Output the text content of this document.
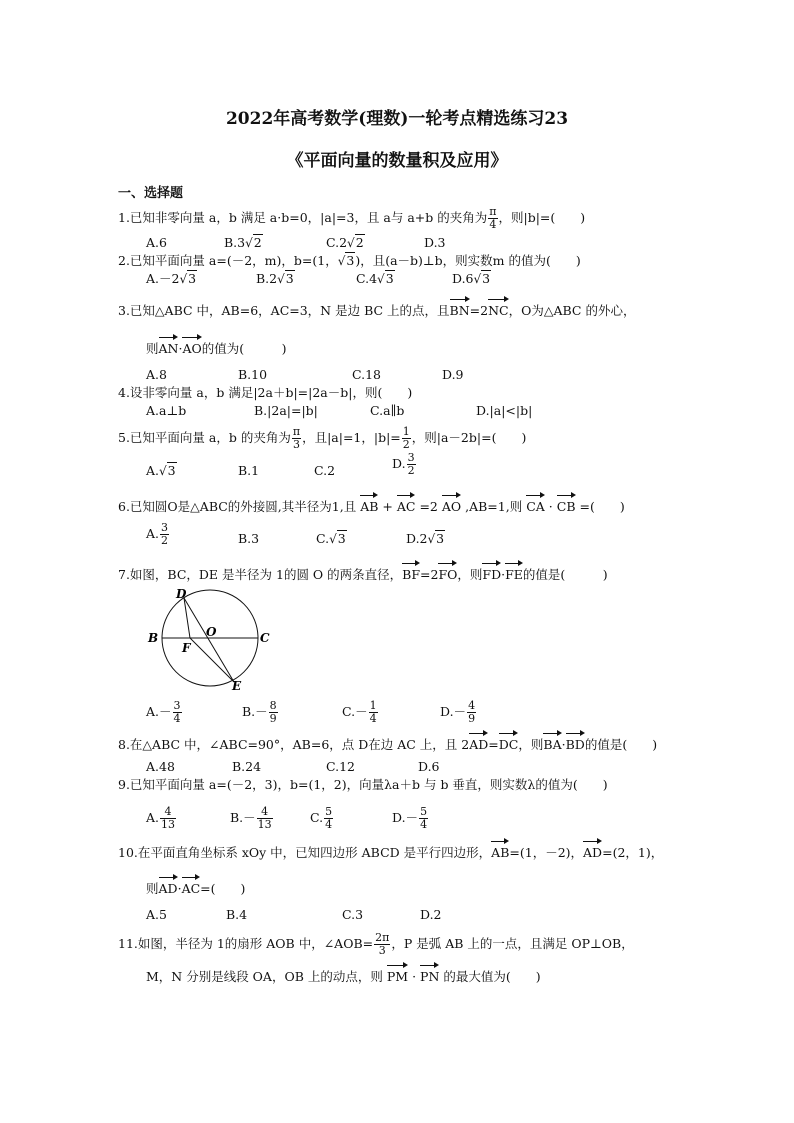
2022年高考数学(理数)一轮考点精选练习23
《平面向量的数量积及应用》
一、选择题
1.已知非零向量 a，b 满足 a·b=0，|a|=3，且 a与 a+b 的夹角为 $\frac{\pi}{4}$ ，则|b|=(　　)
A.6	B.3√2	C.2√2	D.3
2.已知平面向量 a=(－2，m)，b=(1，√3)，且(a－b)⊥b，则实数m 的值为(　　)
A.－2√3	B.2√3	C.4√3	D.6√3
3.已知△ABC 中，AB=6，AC=3，N 是边 BC 上的点，且BN=2NC，O为△ABC 的外心，
则AN·AO的值为(　　　)
A.8	B.10	C.18	D.9
4.设非零向量 a，b 满足|2a＋b|=|2a－b|，则(　　)
A.a⊥b	B.|2a|=|b|	C.a∥b	D.|a|<|b|
5.已知平面向量 a，b 的夹角为 $\frac{\pi}{3}$ ，且|a|=1，$|b|= \frac{1}{2}$ ，则|a－2b|=(　　)
A.√3	B.1	C.2	D. $\frac{3}{2}$
6.已知圆O是△ABC的外接圆,其半径为1,且 AB + AC =2 AO ,AB=1,则 CA · CB =(　　)
A. $\frac{3}{2}$	B.3	C.√3	D.2√3
7.如图，BC，DE 是半径为 1的圆 O 的两条直径，BF=2FO，则FD·FE的值是(　　　)
D
B	O	C
F
E
$A.- \frac{3}{4}$	$B.- \frac{8}{9}$	$C.- \frac{1}{4}$	$D.- \frac{4}{9}$
8.在△ABC 中，∠ABC=90°，AB=6，点 D在边 AC 上，且 2AD=DC，则BA·BD的值是(　　)
A.48	B.24	C.12	D.6
9.已知平面向量 a=(－2，3)，b=(1，2)，向量λa＋b 与 b 垂直，则实数λ的值为(　　)
A. $\frac{4}{13}$	$B.- \frac{4}{13}$	C. $\frac{5}{4}$	$D.- \frac{5}{4}$
10.在平面直角坐标系 xOy 中，已知四边形 ABCD 是平行四边形，AB=(1，－2)，AD=(2，1)，
则AD·AC=(　　)
A.5	B.4	C.3	D.2
11.如图，半径为 1的扇形 AOB 中，∠AOB= $\frac{2\pi}{3}$ ，P 是弧 AB 上的一点，且满足 OP⊥OB，
M，N 分别是线段 OA，OB 上的动点，则 PM · PN 的最大值为(　　)
